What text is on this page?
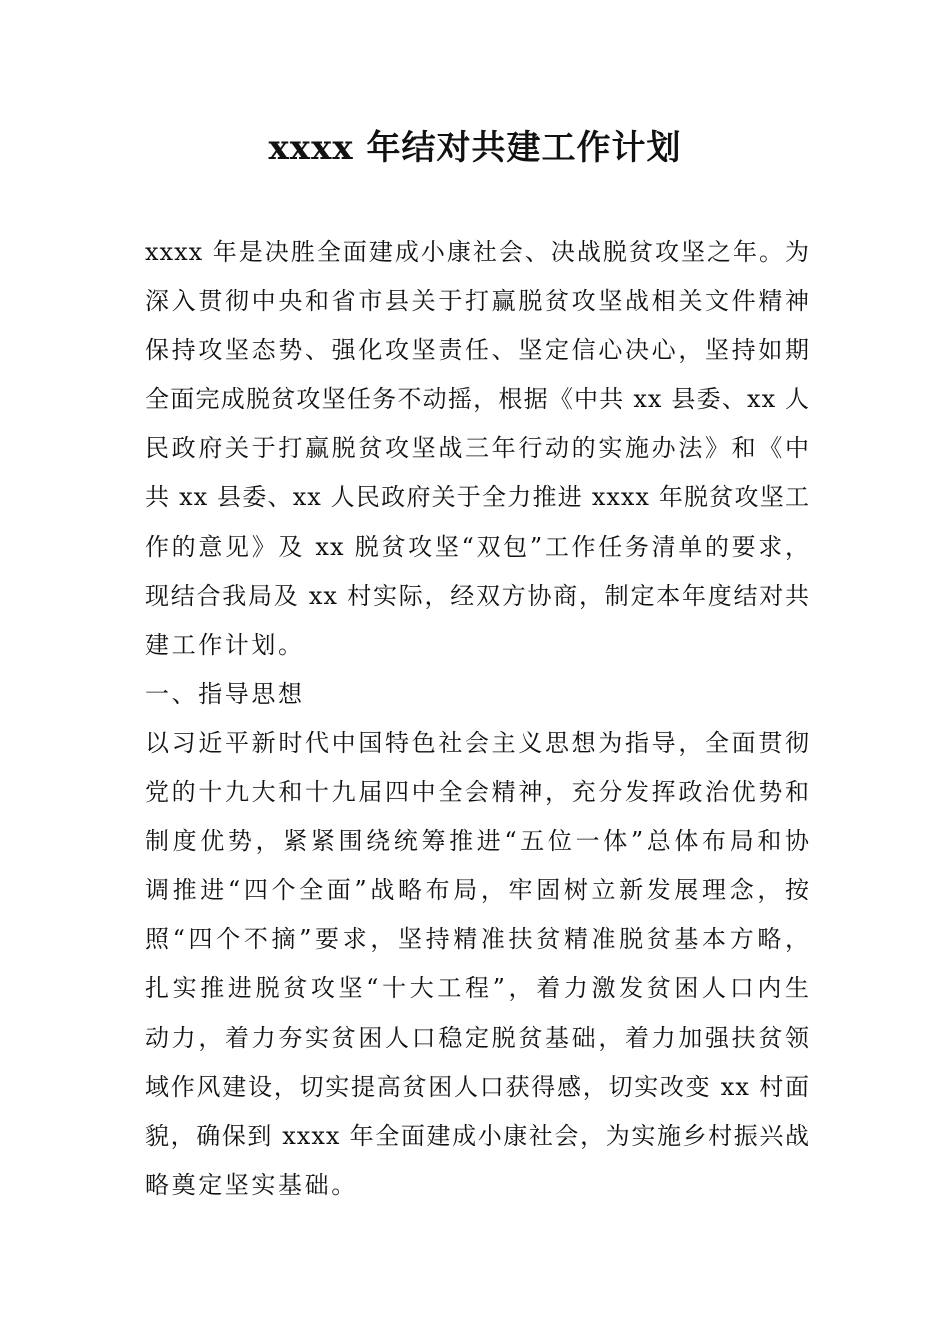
xxxx 年结对共建工作计划
xxxx 年是决胜全面建成小康社会、决战脱贫攻坚之年。为
深入贯彻中央和省市县关于打赢脱贫攻坚战相关文件精神
保持攻坚态势、强化攻坚责任、坚定信心决心，坚持如期
全面完成脱贫攻坚任务不动摇，根据《中共 xx 县委、xx 人
民政府关于打赢脱贫攻坚战三年行动的实施办法》和《中
共 xx 县委、xx 人民政府关于全力推进 xxxx 年脱贫攻坚工
作的意见》及 xx 脱贫攻坚“双包”工作任务清单的要求，
现结合我局及 xx 村实际，经双方协商，制定本年度结对共
建工作计划。
一、指导思想
以习近平新时代中国特色社会主义思想为指导，全面贯彻
党的十九大和十九届四中全会精神，充分发挥政治优势和
制度优势，紧紧围绕统筹推进“五位一体”总体布局和协
调推进“四个全面”战略布局，牢固树立新发展理念，按
照“四个不摘”要求，坚持精准扶贫精准脱贫基本方略，
扎实推进脱贫攻坚“十大工程”，着力激发贫困人口内生
动力，着力夯实贫困人口稳定脱贫基础，着力加强扶贫领
域作风建设，切实提高贫困人口获得感，切实改变 xx 村面
貌，确保到 xxxx 年全面建成小康社会，为实施乡村振兴战
略奠定坚实基础。
